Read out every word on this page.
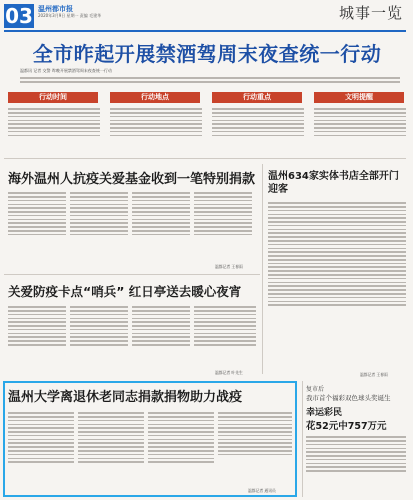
03 温州都市报
2020年3月9日 星期一 责编 毛建华	城事一览
全市昨起开展禁酒驾周末夜查统一行动
温都讯 记者 交警 昨晚开展禁酒驾周末夜查统一行动
行动时间	行动地点	行动重点	文明提醒
海外温州人抗疫关爱基金收到一笔特别捐款
温都记者 王春雨
温州634家实体书店全部开门迎客
温都记者 王春雨
关爱防疫卡点“哨兵” 红日亭送去暖心夜宵
温都记者 叶先生
温州大学离退休老同志捐款捐物助力战疫
温都记者 通讯员
复市后
我市首个福彩双色球头奖诞生
幸运彩民
花52元中757万元
